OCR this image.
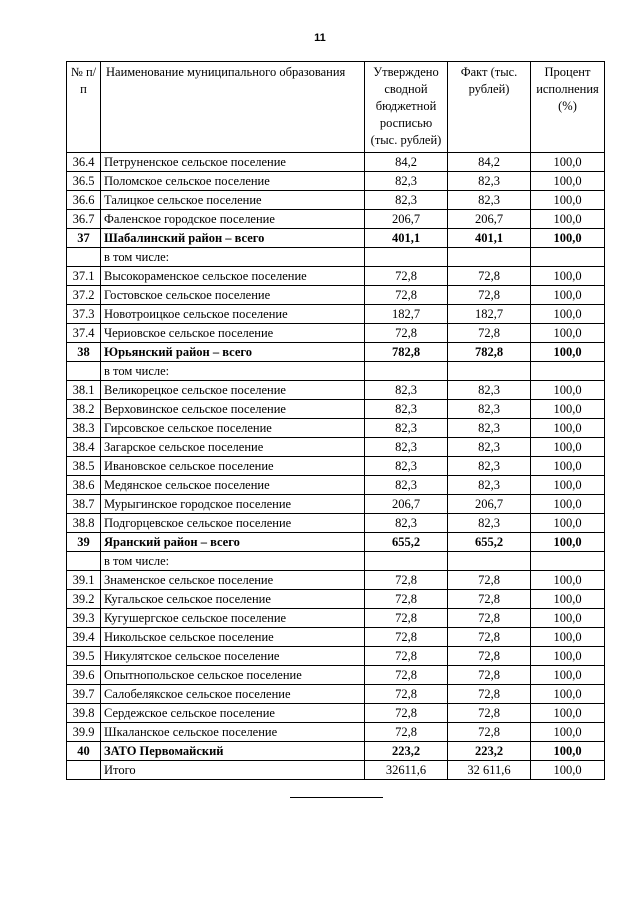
11
№ п/п	Наименование муниципального образования	Утверждено сводной бюджетной росписью (тыс. рублей)	Факт (тыс. рублей)	Процент исполнения (%)
36.4	Петруненское сельское поселение	84,2	84,2	100,0
36.5	Поломское сельское поселение	82,3	82,3	100,0
36.6	Талицкое сельское поселение	82,3	82,3	100,0
36.7	Фаленское городское поселение	206,7	206,7	100,0
37	Шабалинский район – всего	401,1	401,1	100,0
	в том числе:			
37.1	Высокораменское сельское поселение	72,8	72,8	100,0
37.2	Гостовское сельское поселение	72,8	72,8	100,0
37.3	Новотроицкое сельское поселение	182,7	182,7	100,0
37.4	Чериовское сельское поселение	72,8	72,8	100,0
38	Юрьянский район – всего	782,8	782,8	100,0
	в том числе:			
38.1	Великорецкое сельское поселение	82,3	82,3	100,0
38.2	Верховинское сельское поселение	82,3	82,3	100,0
38.3	Гирсовское сельское поселение	82,3	82,3	100,0
38.4	Загарское сельское поселение	82,3	82,3	100,0
38.5	Ивановское сельское поселение	82,3	82,3	100,0
38.6	Медянское сельское поселение	82,3	82,3	100,0
38.7	Мурыгинское городское поселение	206,7	206,7	100,0
38.8	Подгорцевское сельское поселение	82,3	82,3	100,0
39	Яранский район – всего	655,2	655,2	100,0
	в том числе:			
39.1	Знаменское сельское поселение	72,8	72,8	100,0
39.2	Кугальское сельское поселение	72,8	72,8	100,0
39.3	Кугушергское сельское поселение	72,8	72,8	100,0
39.4	Никольское сельское поселение	72,8	72,8	100,0
39.5	Никулятское сельское поселение	72,8	72,8	100,0
39.6	Опытнопольское сельское поселение	72,8	72,8	100,0
39.7	Салобелякское сельское поселение	72,8	72,8	100,0
39.8	Сердежское сельское поселение	72,8	72,8	100,0
39.9	Шкаланское сельское поселение	72,8	72,8	100,0
40	ЗАТО Первомайский	223,2	223,2	100,0
	Итого	32611,6	32 611,6	100,0
